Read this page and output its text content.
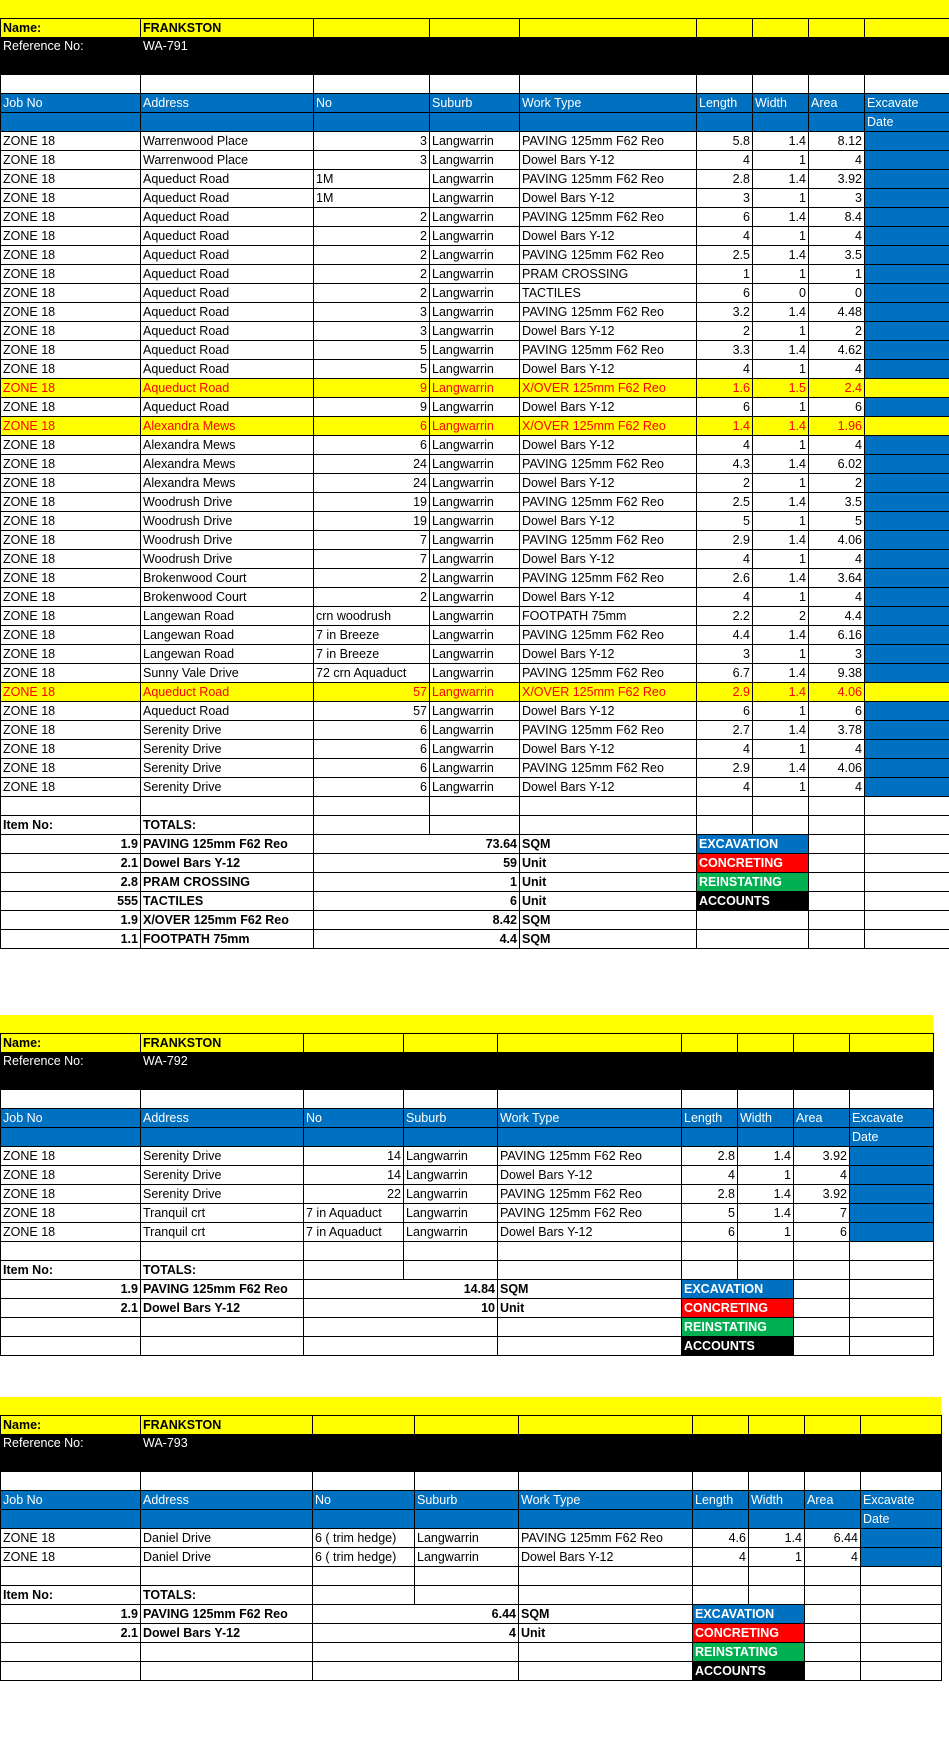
Name:	FRANKSTON							
Reference No:	WA-791							

Job No	Address	No	Suburb	Work Type	Length	Width	Area	Excavate
								Date
ZONE 18	Warrenwood Place	3	Langwarrin	PAVING 125mm F62 Reo	5.8	1.4	8.12	
ZONE 18	Warrenwood Place	3	Langwarrin	Dowel Bars Y-12	4	1	4	
ZONE 18	Aqueduct Road	1M	Langwarrin	PAVING 125mm F62 Reo	2.8	1.4	3.92	
ZONE 18	Aqueduct Road	1M	Langwarrin	Dowel Bars Y-12	3	1	3	
ZONE 18	Aqueduct Road	2	Langwarrin	PAVING 125mm F62 Reo	6	1.4	8.4	
ZONE 18	Aqueduct Road	2	Langwarrin	Dowel Bars Y-12	4	1	4	
ZONE 18	Aqueduct Road	2	Langwarrin	PAVING 125mm F62 Reo	2.5	1.4	3.5	
ZONE 18	Aqueduct Road	2	Langwarrin	PRAM CROSSING	1	1	1	
ZONE 18	Aqueduct Road	2	Langwarrin	TACTILES	6	0	0	
ZONE 18	Aqueduct Road	3	Langwarrin	PAVING 125mm F62 Reo	3.2	1.4	4.48	
ZONE 18	Aqueduct Road	3	Langwarrin	Dowel Bars Y-12	2	1	2	
ZONE 18	Aqueduct Road	5	Langwarrin	PAVING 125mm F62 Reo	3.3	1.4	4.62	
ZONE 18	Aqueduct Road	5	Langwarrin	Dowel Bars Y-12	4	1	4	
ZONE 18	Aqueduct Road	9	Langwarrin	X/OVER 125mm F62 Reo	1.6	1.5	2.4	
ZONE 18	Aqueduct Road	9	Langwarrin	Dowel Bars Y-12	6	1	6	
ZONE 18	Alexandra Mews	6	Langwarrin	X/OVER 125mm F62 Reo	1.4	1.4	1.96	
ZONE 18	Alexandra Mews	6	Langwarrin	Dowel Bars Y-12	4	1	4	
ZONE 18	Alexandra Mews	24	Langwarrin	PAVING 125mm F62 Reo	4.3	1.4	6.02	
ZONE 18	Alexandra Mews	24	Langwarrin	Dowel Bars Y-12	2	1	2	
ZONE 18	Woodrush Drive	19	Langwarrin	PAVING 125mm F62 Reo	2.5	1.4	3.5	
ZONE 18	Woodrush Drive	19	Langwarrin	Dowel Bars Y-12	5	1	5	
ZONE 18	Woodrush Drive	7	Langwarrin	PAVING 125mm F62 Reo	2.9	1.4	4.06	
ZONE 18	Woodrush Drive	7	Langwarrin	Dowel Bars Y-12	4	1	4	
ZONE 18	Brokenwood Court	2	Langwarrin	PAVING 125mm F62 Reo	2.6	1.4	3.64	
ZONE 18	Brokenwood Court	2	Langwarrin	Dowel Bars Y-12	4	1	4	
ZONE 18	Langewan Road	crn woodrush	Langwarrin	FOOTPATH 75mm	2.2	2	4.4	
ZONE 18	Langewan Road	7 in Breeze	Langwarrin	PAVING 125mm F62 Reo	4.4	1.4	6.16	
ZONE 18	Langewan Road	7 in Breeze	Langwarrin	Dowel Bars Y-12	3	1	3	
ZONE 18	Sunny Vale Drive	72 crn Aquaduct	Langwarrin	PAVING 125mm F62 Reo	6.7	1.4	9.38	
ZONE 18	Aqueduct Road	57	Langwarrin	X/OVER 125mm F62 Reo	2.9	1.4	4.06	
ZONE 18	Aqueduct Road	57	Langwarrin	Dowel Bars Y-12	6	1	6	
ZONE 18	Serenity Drive	6	Langwarrin	PAVING 125mm F62 Reo	2.7	1.4	3.78	
ZONE 18	Serenity Drive	6	Langwarrin	Dowel Bars Y-12	4	1	4	
ZONE 18	Serenity Drive	6	Langwarrin	PAVING 125mm F62 Reo	2.9	1.4	4.06	
ZONE 18	Serenity Drive	6	Langwarrin	Dowel Bars Y-12	4	1	4	

Item No:	TOTALS:							
1.9	PAVING 125mm F62 Reo	73.64		SQM	EXCAVATION			
2.1	Dowel Bars Y-12	59		Unit	CONCRETING			
2.8	PRAM CROSSING	1		Unit	REINSTATING			
555	TACTILES	6		Unit	ACCOUNTS			
1.9	X/OVER 125mm F62 Reo	8.42		SQM				
1.1	FOOTPATH 75mm	4.4		SQM				
Name:	FRANKSTON							
Reference No:	WA-792							

Job No	Address	No	Suburb	Work Type	Length	Width	Area	Excavate
								Date
ZONE 18	Serenity Drive	14	Langwarrin	PAVING 125mm F62 Reo	2.8	1.4	3.92	
ZONE 18	Serenity Drive	14	Langwarrin	Dowel Bars Y-12	4	1	4	
ZONE 18	Serenity Drive	22	Langwarrin	PAVING 125mm F62 Reo	2.8	1.4	3.92	
ZONE 18	Tranquil crt	7 in Aquaduct	Langwarrin	PAVING 125mm F62 Reo	5	1.4	7	
ZONE 18	Tranquil crt	7 in Aquaduct	Langwarrin	Dowel Bars Y-12	6	1	6	

Item No:	TOTALS:							
1.9	PAVING 125mm F62 Reo	14.84		SQM	EXCAVATION			
2.1	Dowel Bars Y-12	10		Unit	CONCRETING			
					REINSTATING			
					ACCOUNTS			
Name:	FRANKSTON							
Reference No:	WA-793							

Job No	Address	No	Suburb	Work Type	Length	Width	Area	Excavate
								Date
ZONE 18	Daniel Drive	6 ( trim hedge)	Langwarrin	PAVING 125mm F62 Reo	4.6	1.4	6.44	
ZONE 18	Daniel Drive	6 ( trim hedge)	Langwarrin	Dowel Bars Y-12	4	1	4	

Item No:	TOTALS:							
1.9	PAVING 125mm F62 Reo	6.44		SQM	EXCAVATION			
2.1	Dowel Bars Y-12	4		Unit	CONCRETING			
					REINSTATING			
					ACCOUNTS			
